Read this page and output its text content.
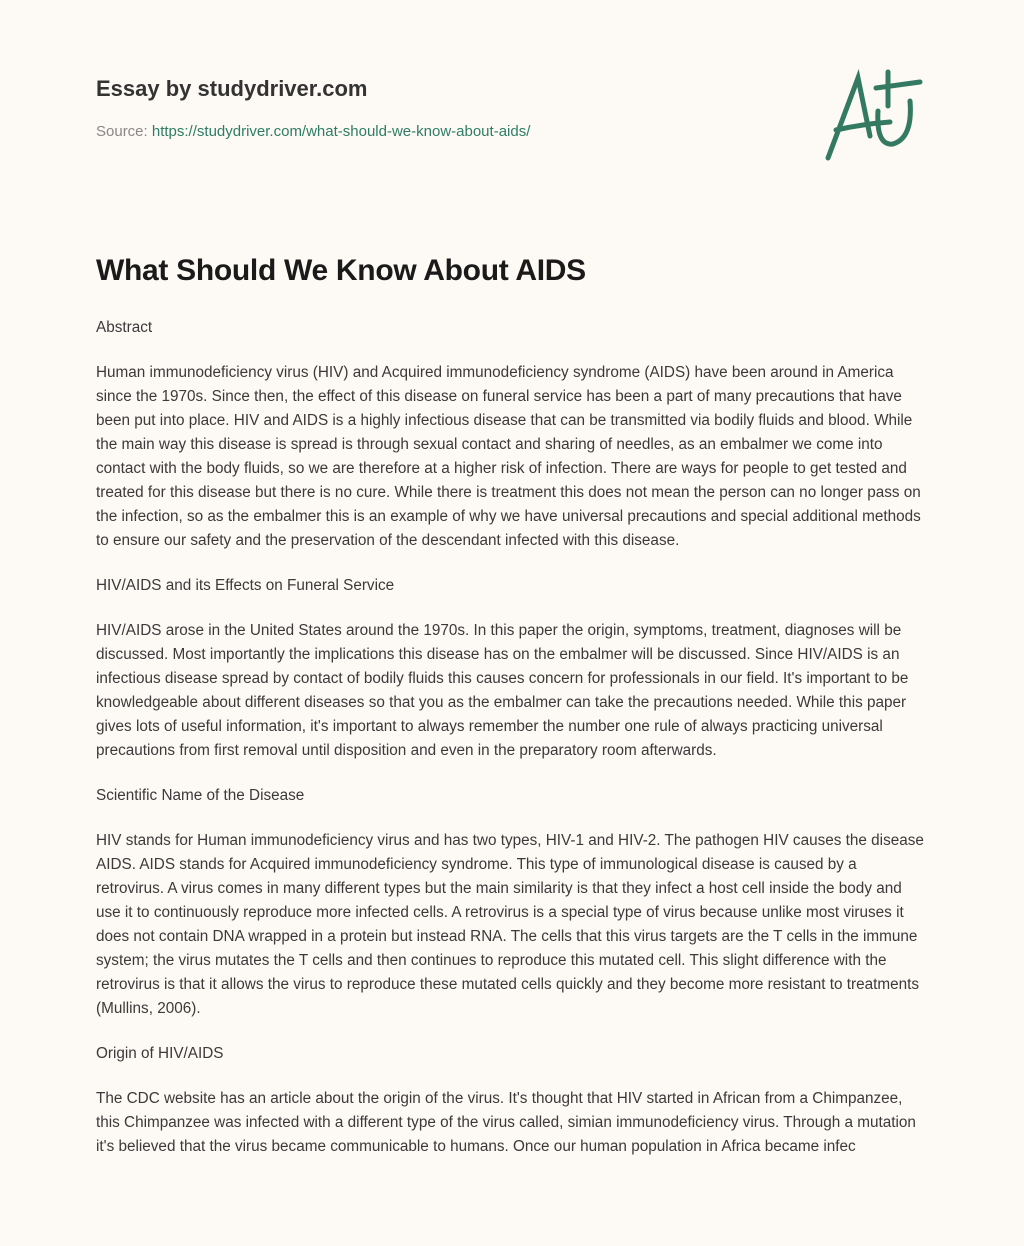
Essay by studydriver.com
Source: https://studydriver.com/what-should-we-know-about-aids/
What Should We Know About AIDS

Abstract

Human immunodeficiency virus (HIV) and Acquired immunodeficiency syndrome (AIDS) have been around in America since the 1970s. Since then, the effect of this disease on funeral service has been a part of many precautions that have been put into place. HIV and AIDS is a highly infectious disease that can be transmitted via bodily fluids and blood. While the main way this disease is spread is through sexual contact and sharing of needles, as an embalmer we come into contact with the body fluids, so we are therefore at a higher risk of infection. There are ways for people to get tested and treated for this disease but there is no cure. While there is treatment this does not mean the person can no longer pass on the infection, so as the embalmer this is an example of why we have universal precautions and special additional methods to ensure our safety and the preservation of the descendant infected with this disease.

HIV/AIDS and its Effects on Funeral Service

HIV/AIDS arose in the United States around the 1970s. In this paper the origin, symptoms, treatment, diagnoses will be discussed. Most importantly the implications this disease has on the embalmer will be discussed. Since HIV/AIDS is an infectious disease spread by contact of bodily fluids this causes concern for professionals in our field. It's important to be knowledgeable about different diseases so that you as the embalmer can take the precautions needed. While this paper gives lots of useful information, it's important to always remember the number one rule of always practicing universal precautions from first removal until disposition and even in the preparatory room afterwards.

Scientific Name of the Disease

HIV stands for Human immunodeficiency virus and has two types, HIV-1 and HIV-2. The pathogen HIV causes the disease AIDS. AIDS stands for Acquired immunodeficiency syndrome. This type of immunological disease is caused by a retrovirus. A virus comes in many different types but the main similarity is that they infect a host cell inside the body and use it to continuously reproduce more infected cells. A retrovirus is a special type of virus because unlike most viruses it does not contain DNA wrapped in a protein but instead RNA. The cells that this virus targets are the T cells in the immune system; the virus mutates the T cells and then continues to reproduce this mutated cell. This slight difference with the retrovirus is that it allows the virus to reproduce these mutated cells quickly and they become more resistant to treatments (Mullins, 2006).

Origin of HIV/AIDS

The CDC website has an article about the origin of the virus. It's thought that HIV started in African from a Chimpanzee, this Chimpanzee was infected with a different type of the virus called, simian immunodeficiency virus. Through a mutation it's believed that the virus became communicable to humans. Once our human population in Africa became infec
